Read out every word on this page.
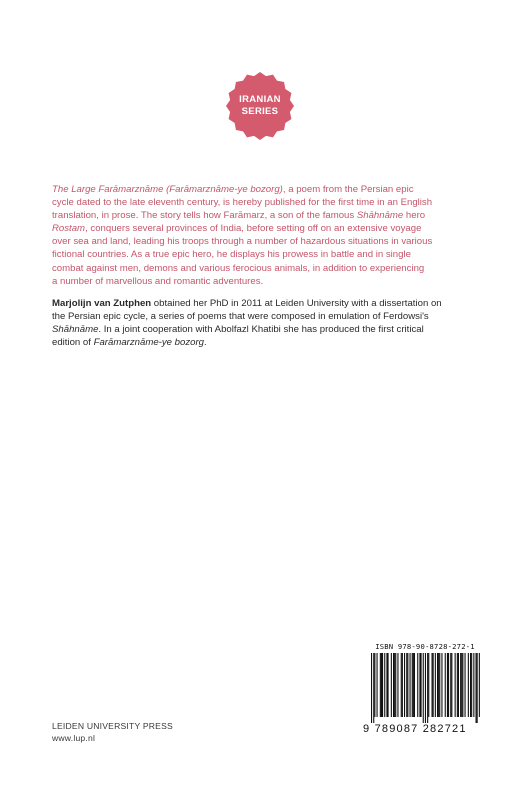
IRANIAN
SERIES
The Large Farāmarznāme (Farāmarznāme-ye bozorg), a poem from the Persian epic
cycle dated to the late eleventh century, is hereby published for the first time in an English
translation, in prose. The story tells how Farāmarz, a son of the famous Shāhnāme hero
Rostam, conquers several provinces of India, before setting off on an extensive voyage
over sea and land, leading his troops through a number of hazardous situations in various
fictional countries. As a true epic hero, he displays his prowess in battle and in single
combat against men, demons and various ferocious animals, in addition to experiencing
a number of marvellous and romantic adventures.
Marjolijn van Zutphen obtained her PhD in 2011 at Leiden University with a dissertation on
the Persian epic cycle, a series of poems that were composed in emulation of Ferdowsi's
Shāhnāme. In a joint cooperation with Abolfazl Khatibi she has produced the first critical
edition of Farāmarznāme-ye bozorg.
LEIDEN UNIVERSITY PRESS
www.lup.nl
ISBN 978-90-8728-272-1
9 789087 282721
